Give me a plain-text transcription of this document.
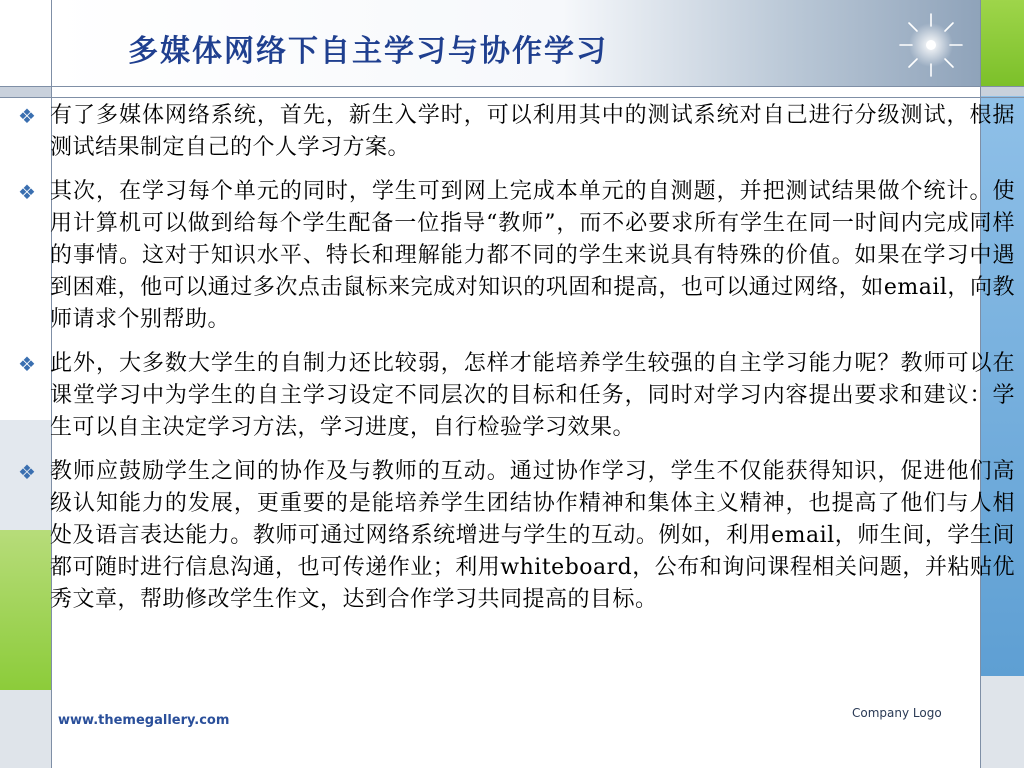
多媒体网络下自主学习与协作学习
❖ 有了多媒体网络系统，首先，新生入学时，可以利用其中的测试系统对自己进行分级测试，根据测试结果制定自己的个人学习方案。
❖ 其次，在学习每个单元的同时，学生可到网上完成本单元的自测题，并把测试结果做个统计。使用计算机可以做到给每个学生配备一位指导“教师”，而不必要求所有学生在同一时间内完成同样的事情。这对于知识水平、特长和理解能力都不同的学生来说具有特殊的价值。如果在学习中遇到困难，他可以通过多次点击鼠标来完成对知识的巩固和提高，也可以通过网络，如email，向教师请求个别帮助。
❖ 此外，大多数大学生的自制力还比较弱，怎样才能培养学生较强的自主学习能力呢？教师可以在课堂学习中为学生的自主学习设定不同层次的目标和任务，同时对学习内容提出要求和建议：学生可以自主决定学习方法，学习进度，自行检验学习效果。
❖ 教师应鼓励学生之间的协作及与教师的互动。通过协作学习，学生不仅能获得知识，促进他们高级认知能力的发展，更重要的是能培养学生团结协作精神和集体主义精神，也提高了他们与人相处及语言表达能力。教师可通过网络系统增进与学生的互动。例如，利用email，师生间，学生间都可随时进行信息沟通，也可传递作业；利用whiteboard，公布和询问课程相关问题，并粘贴优秀文章，帮助修改学生作文，达到合作学习共同提高的目标。
www.themegallery.com	Company Logo
